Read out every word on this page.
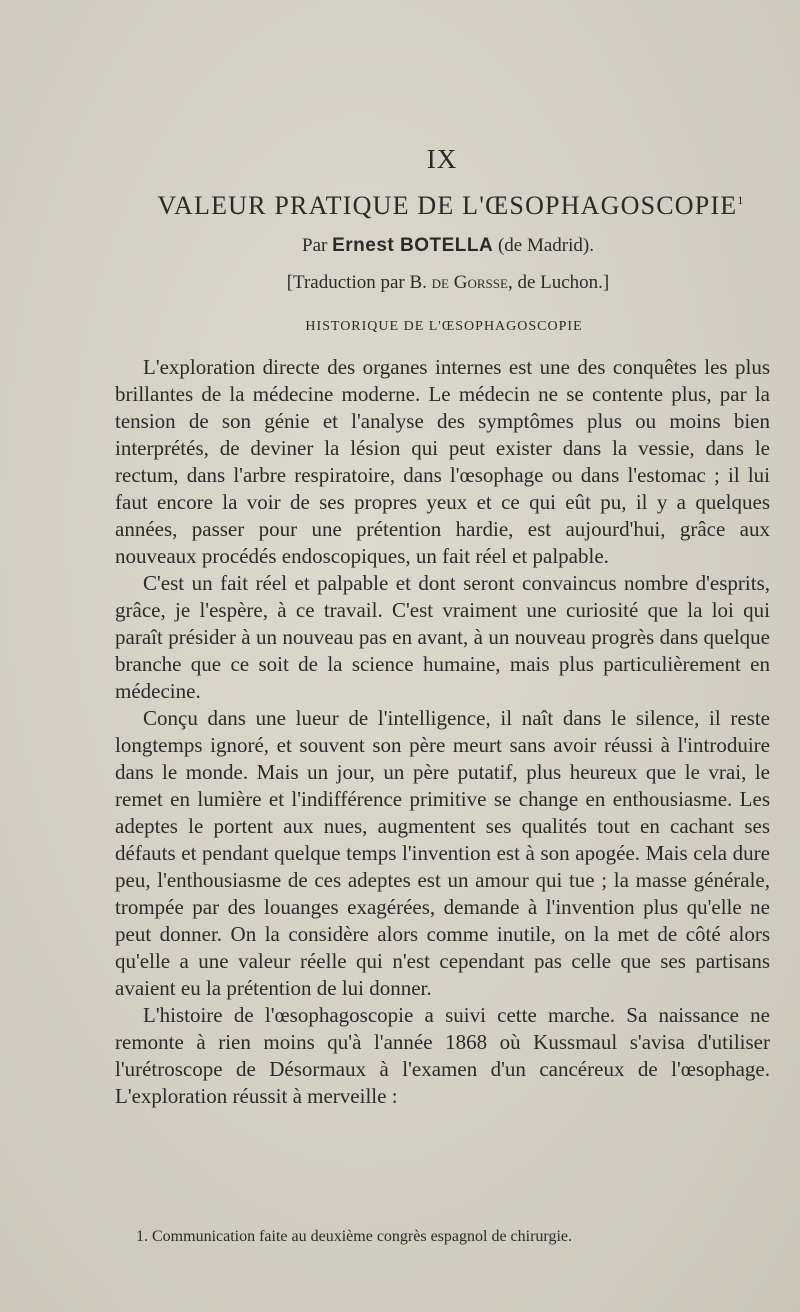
IX
VALEUR PRATIQUE DE L'ŒSOPHAGOSCOPIE$^1$
Par Ernest BOTELLA (de Madrid).
[Traduction par B. de Gorsse, de Luchon.]
HISTORIQUE DE L'ŒSOPHAGOSCOPIE

L'exploration directe des organes internes est une des conquêtes les plus brillantes de la médecine moderne. Le médecin ne se contente plus, par la tension de son génie et l'analyse des symptômes plus ou moins bien interprétés, de deviner la lésion qui peut exister dans la vessie, dans le rectum, dans l'arbre respiratoire, dans l'œsophage ou dans l'estomac ; il lui faut encore la voir de ses propres yeux et ce qui eût pu, il y a quelques années, passer pour une prétention hardie, est aujourd'hui, grâce aux nouveaux procédés endoscopiques, un fait réel et palpable.

C'est un fait réel et palpable et dont seront convaincus nombre d'esprits, grâce, je l'espère, à ce travail. C'est vraiment une curiosité que la loi qui paraît présider à un nouveau pas en avant, à un nouveau progrès dans quelque branche que ce soit de la science humaine, mais plus particulièrement en médecine.

Conçu dans une lueur de l'intelligence, il naît dans le silence, il reste longtemps ignoré, et souvent son père meurt sans avoir réussi à l'introduire dans le monde. Mais un jour, un père putatif, plus heureux que le vrai, le remet en lumière et l'indifférence primitive se change en enthousiasme. Les adeptes le portent aux nues, augmentent ses qualités tout en cachant ses défauts et pendant quelque temps l'invention est à son apogée. Mais cela dure peu, l'enthousiasme de ces adeptes est un amour qui tue ; la masse générale, trompée par des louanges exagérées, demande à l'invention plus qu'elle ne peut donner. On la considère alors comme inutile, on la met de côté alors qu'elle a une valeur réelle qui n'est cependant pas celle que ses partisans avaient eu la prétention de lui donner.

L'histoire de l'œsophagoscopie a suivi cette marche. Sa naissance ne remonte à rien moins qu'à l'année 1868 où Kussmaul s'avisa d'utiliser l'urétroscope de Désormaux à l'examen d'un cancéreux de l'œsophage. L'exploration réussit à merveille :

1. Communication faite au deuxième congrès espagnol de chirurgie.
